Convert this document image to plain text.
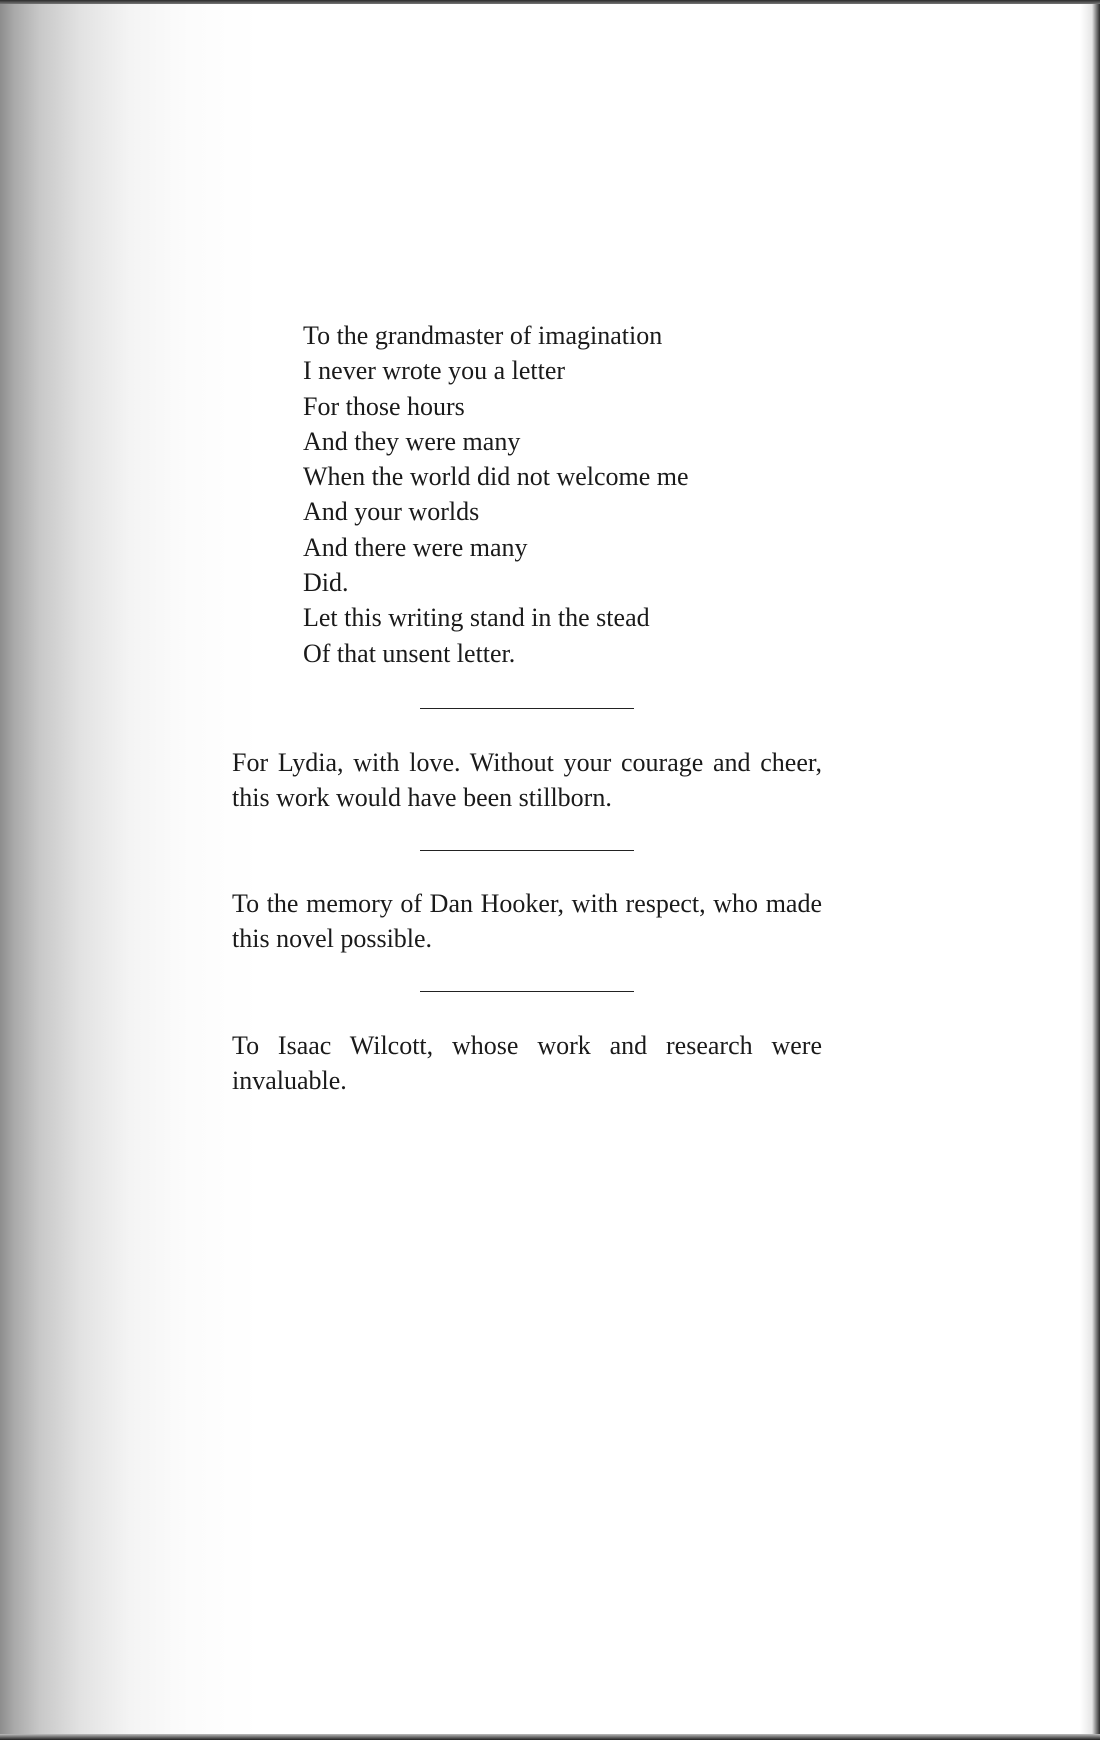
To the grandmaster of imagination
I never wrote you a letter
For those hours
And they were many
When the world did not welcome me
And your worlds
And there were many
Did.
Let this writing stand in the stead
Of that unsent letter.

For Lydia, with love. Without your courage and cheer, this work would have been stillborn.

To the memory of Dan Hooker, with respect, who made this novel possible.

To Isaac Wilcott, whose work and research were invaluable.
